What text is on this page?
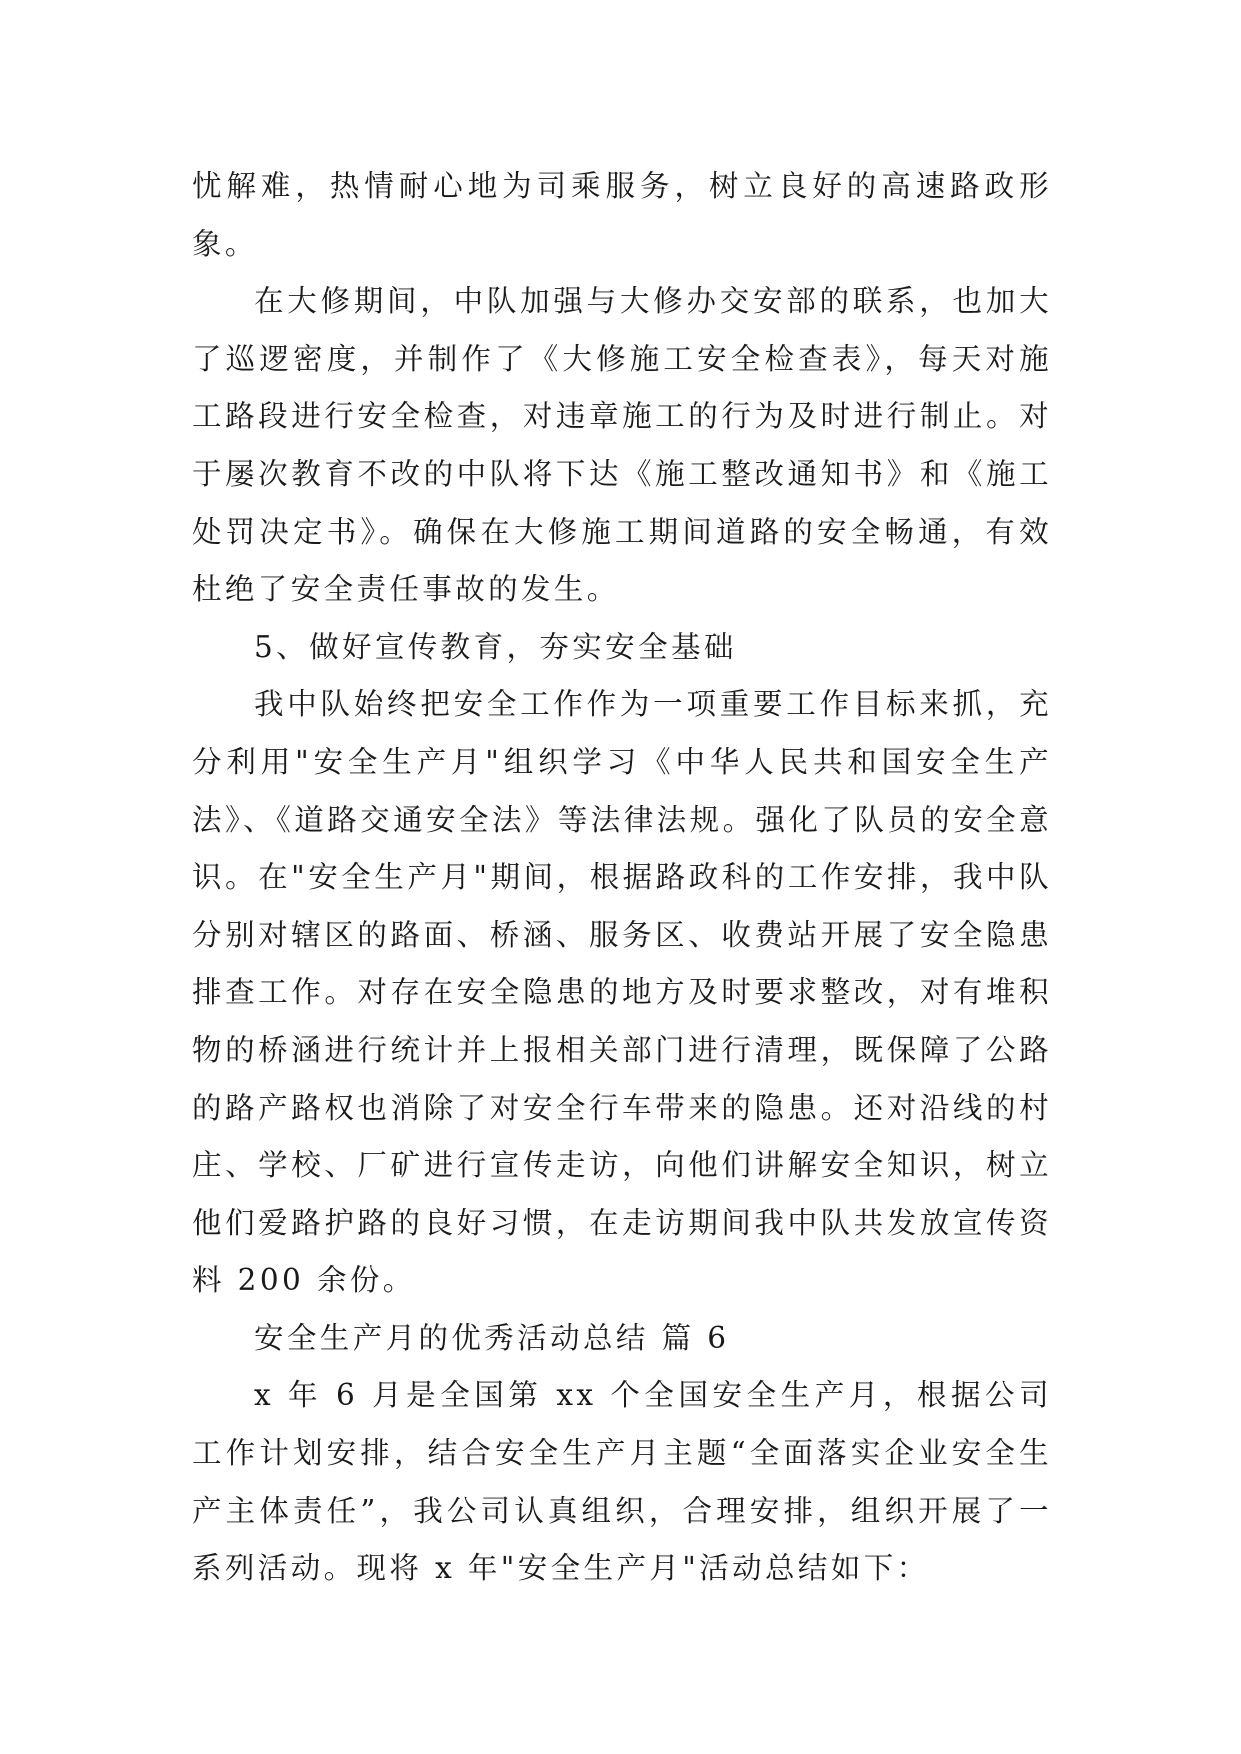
忧解难，热情耐心地为司乘服务，树立良好的高速路政形象。

在大修期间，中队加强与大修办交安部的联系，也加大了巡逻密度，并制作了《大修施工安全检查表》，每天对施工路段进行安全检查，对违章施工的行为及时进行制止。对于屡次教育不改的中队将下达《施工整改通知书》和《施工处罚决定书》。确保在大修施工期间道路的安全畅通，有效杜绝了安全责任事故的发生。

5、做好宣传教育，夯实安全基础

我中队始终把安全工作作为一项重要工作目标来抓，充分利用"安全生产月"组织学习《中华人民共和国安全生产法》、《道路交通安全法》等法律法规。强化了队员的安全意识。在"安全生产月"期间，根据路政科的工作安排，我中队分别对辖区的路面、桥涵、服务区、收费站开展了安全隐患排查工作。对存在安全隐患的地方及时要求整改，对有堆积物的桥涵进行统计并上报相关部门进行清理，既保障了公路的路产路权也消除了对安全行车带来的隐患。还对沿线的村庄、学校、厂矿进行宣传走访，向他们讲解安全知识，树立他们爱路护路的良好习惯，在走访期间我中队共发放宣传资料 200 余份。

安全生产月的优秀活动总结 篇 6

x 年 6 月是全国第 xx 个全国安全生产月，根据公司工作计划安排，结合安全生产月主题“全面落实企业安全生产主体责任”，我公司认真组织，合理安排，组织开展了一系列活动。现将 x 年"安全生产月"活动总结如下：
